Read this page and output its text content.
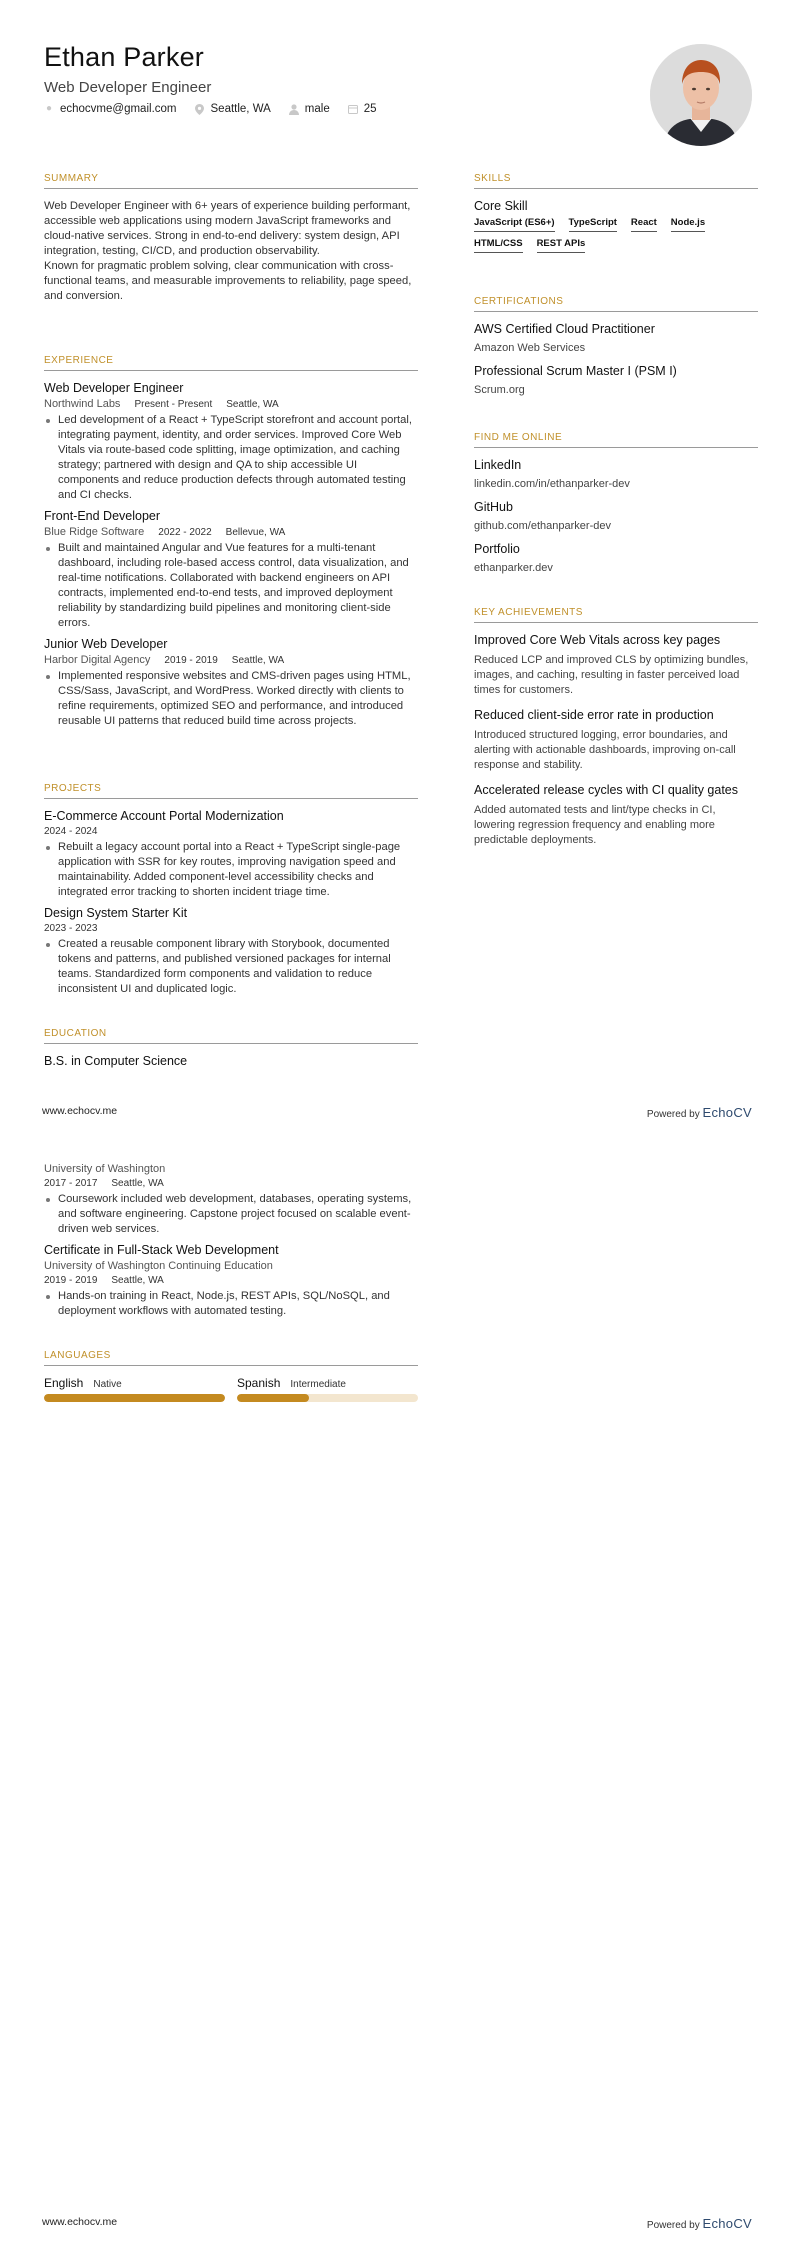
Ethan Parker
Web Developer Engineer
● echocvme@gmail.com	Seattle, WA	male	25
SUMMARY

Web Developer Engineer with 6+ years of experience building performant, accessible web applications using modern JavaScript frameworks and cloud-native services. Strong in end-to-end delivery: system design, API integration, testing, CI/CD, and production observability.

Known for pragmatic problem solving, clear communication with cross-functional teams, and measurable improvements to reliability, page speed, and conversion.

EXPERIENCE
Web Developer Engineer
Northwind Labs Present - Present Seattle, WA
Led development of a React + TypeScript storefront and account portal, integrating payment, identity, and order services. Improved Core Web Vitals via route-based code splitting, image optimization, and caching strategy; partnered with design and QA to ship accessible UI components and reduce production defects through automated testing and CI checks.
Front-End Developer
Blue Ridge Software 2022 - 2022 Bellevue, WA
Built and maintained Angular and Vue features for a multi-tenant dashboard, including role-based access control, data visualization, and real-time notifications. Collaborated with backend engineers on API contracts, implemented end-to-end tests, and improved deployment reliability by standardizing build pipelines and monitoring client-side errors.
Junior Web Developer
Harbor Digital Agency 2019 - 2019 Seattle, WA
Implemented responsive websites and CMS-driven pages using HTML, CSS/Sass, JavaScript, and WordPress. Worked directly with clients to refine requirements, optimized SEO and performance, and introduced reusable UI patterns that reduced build time across projects.
PROJECTS
E-Commerce Account Portal Modernization
2024 - 2024
Rebuilt a legacy account portal into a React + TypeScript single-page application with SSR for key routes, improving navigation speed and maintainability. Added component-level accessibility checks and integrated error tracking to shorten incident triage time.
Design System Starter Kit
2023 - 2023
Created a reusable component library with Storybook, documented tokens and patterns, and published versioned packages for internal teams. Standardized form components and validation to reduce inconsistent UI and duplicated logic.
EDUCATION
B.S. in Computer Science
SKILLS
Core Skill
JavaScript (ES6+) TypeScript React Node.js
HTML/CSS REST APIs
CERTIFICATIONS
AWS Certified Cloud Practitioner
Amazon Web Services
Professional Scrum Master I (PSM I)
Scrum.org
FIND ME ONLINE
LinkedIn
linkedin.com/in/ethanparker-dev
GitHub
github.com/ethanparker-dev
Portfolio
ethanparker.dev
KEY ACHIEVEMENTS
Improved Core Web Vitals across key pages
Reduced LCP and improved CLS by optimizing bundles, images, and caching, resulting in faster perceived load times for customers.
Reduced client-side error rate in production
Introduced structured logging, error boundaries, and alerting with actionable dashboards, improving on-call response and stability.
Accelerated release cycles with CI quality gates
Added automated tests and lint/type checks in CI, lowering regression frequency and enabling more predictable deployments.
www.echocv.me	Powered by EchoCV
University of Washington
2017 - 2017 Seattle, WA
Coursework included web development, databases, operating systems, and software engineering. Capstone project focused on scalable event-driven web services.
Certificate in Full-Stack Web Development
University of Washington Continuing Education
2019 - 2019 Seattle, WA
Hands-on training in React, Node.js, REST APIs, SQL/NoSQL, and deployment workflows with automated testing.
LANGUAGES
English Native	Spanish Intermediate
www.echocv.me	Powered by EchoCV
